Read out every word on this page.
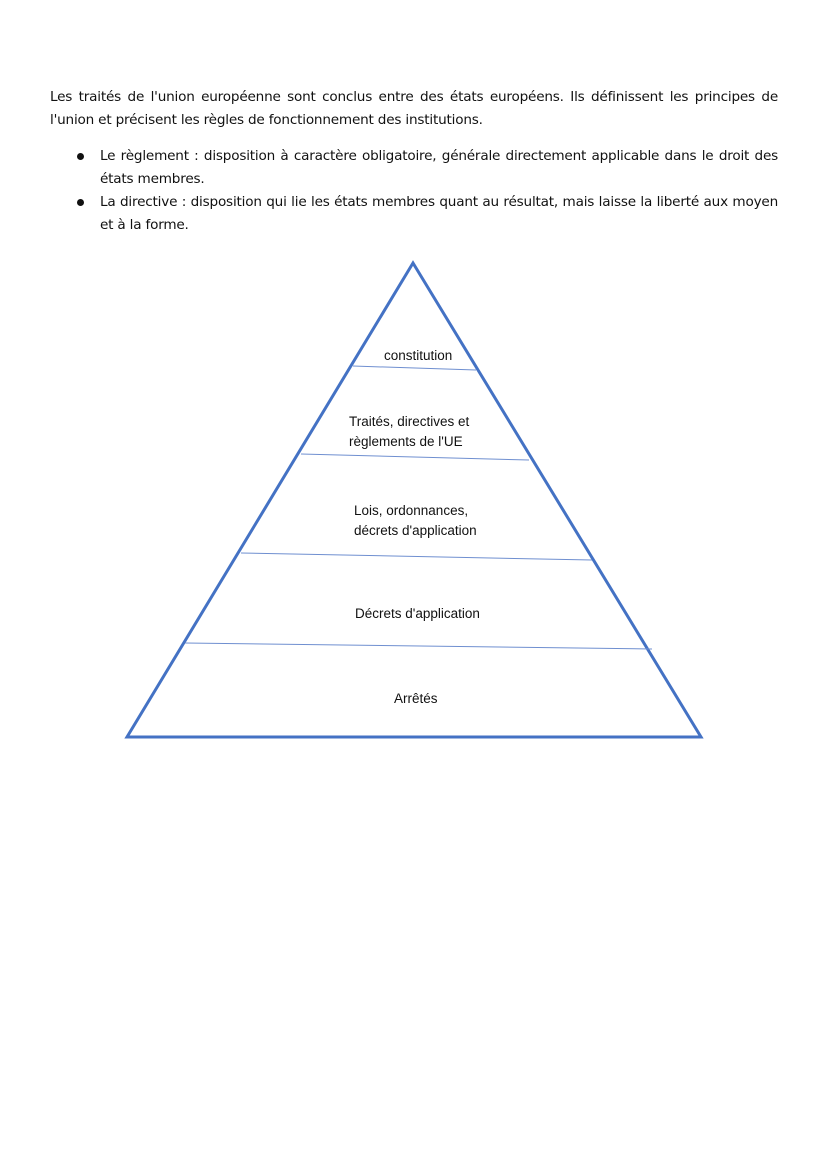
Les traités de l'union européenne sont conclus entre des états européens. Ils définissent les principes de l'union et précisent les règles de fonctionnement des institutions.

Le règlement : disposition à caractère obligatoire, générale directement applicable dans le droit des états membres.
La directive : disposition qui lie les états membres quant au résultat, mais laisse la liberté aux moyen et à la forme.
constitution
Traités, directives et
règlements de l'UE
Lois, ordonnances,
décrets d'application
Décrets d'application
Arrêtés
